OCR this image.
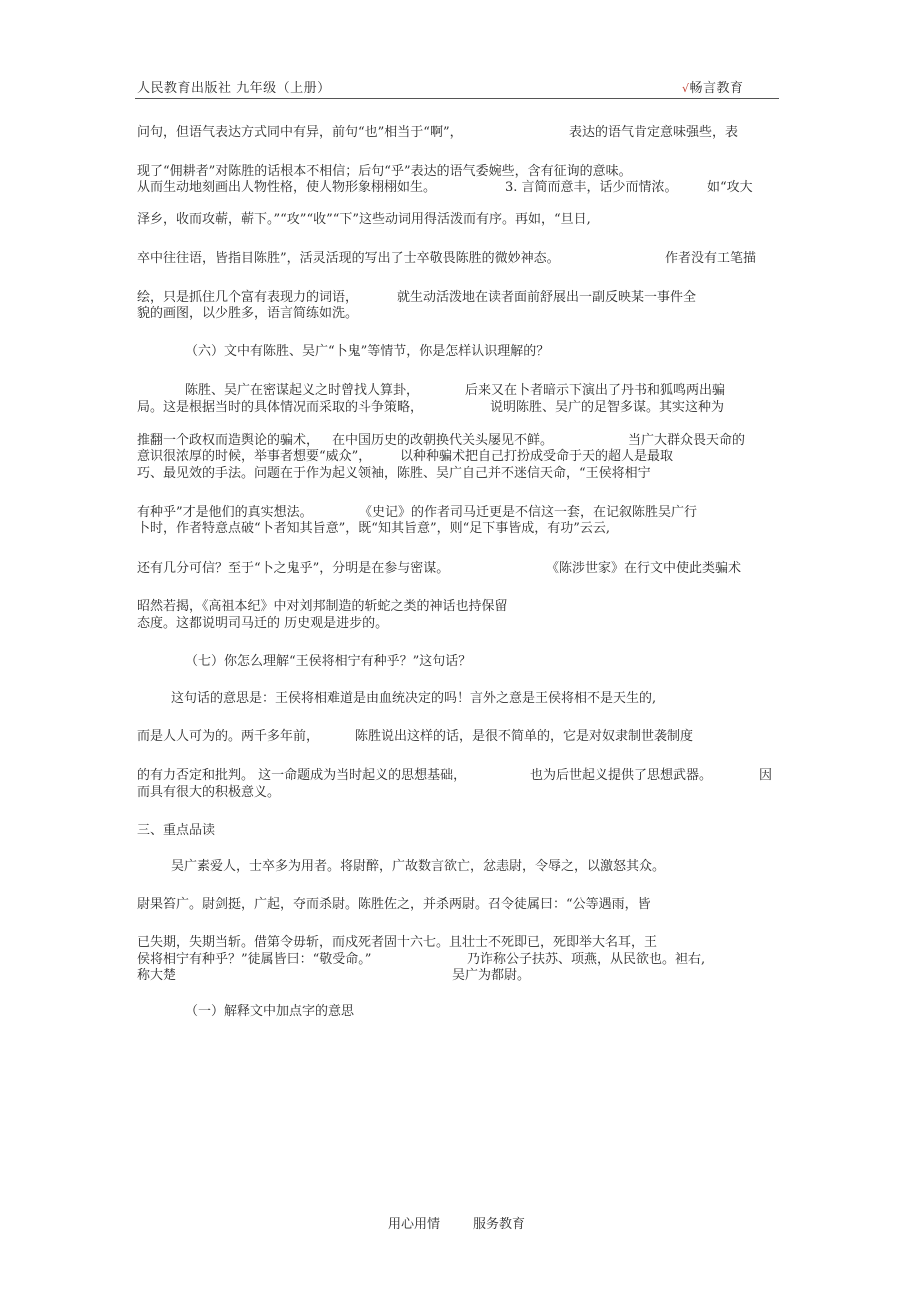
人民教育出版社 九年级（上册）	√畅言教育
问句，但语气表达方式同中有异，前句“也”相当于“啊”，	表达的语气肯定意味强些，表
现了“佣耕者”对陈胜的话根本不相信；后句“乎”表达的语气委婉些，含有征询的意味。
从而生动地刻画出人物性格，使人物形象栩栩如生。	3. 言简而意丰，话少而情浓。 如“攻大
泽乡，收而攻蕲，蕲下。”“攻”“收”“下”这些动词用得活泼而有序。再如，“旦日,
卒中往往语，皆指目陈胜”，活灵活现的写出了士卒敬畏陈胜的微妙神态。	作者没有工笔描
绘，只是抓住几个富有表现力的词语，	就生动活泼地在读者面前舒展出一副反映某一事件全
貌的画图，以少胜多，语言简练如洗。
（六）文中有陈胜、吴广“卜鬼”等情节，你是怎样认识理解的？
陈胜、吴广在密谋起义之时曾找人算卦，	后来又在卜者暗示下演出了丹书和狐鸣两出骗
局。这是根据当时的具体情况而采取的斗争策略，	说明陈胜、吴广的足智多谋。其实这种为
推翻一个政权而造舆论的骗术， 在中国历史的改朝换代关头屡见不鲜。	当广大群众畏天命的
意识很浓厚的时候，举事者想要“威众”， 以种种骗术把自己打扮成受命于天的超人是最取
巧、最见效的手法。问题在于作为起义领袖，陈胜、吴广自己并不迷信天命，“王侯将相宁
有种乎”才是他们的真实想法。	《史记》的作者司马迁更是不信这一套，在记叙陈胜吴广行
卜时，作者特意点破“卜者知其旨意”，既“知其旨意”，则“足下事皆成，有功”云云,
还有几分可信？至于“卜之鬼乎”，分明是在参与密谋。	《陈涉世家》在行文中使此类骗术
昭然若揭，《高祖本纪》中对刘邦制造的斩蛇之类的神话也持保留
态度。这都说明司马迁的 历史观是进步的。
（七）你怎么理解“王侯将相宁有种乎？”这句话？
这句话的意思是：王侯将相难道是由血统决定的吗！言外之意是王侯将相不是天生的,
而是人人可为的。两千多年前，	陈胜说出这样的话，是很不简单的，它是对奴隶制世袭制度
的有力否定和批判。 这一命题成为当时起义的思想基础，	也为后世起义提供了思想武器。	因
而具有很大的积极意义。
三、重点品读
吴广素爱人，士卒多为用者。将尉醉，广故数言欲亡，忿恚尉，令辱之，以激怒其众。
尉果笞广。尉剑挺，广起，夺而杀尉。陈胜佐之，并杀两尉。召令徒属曰：“公等遇雨，皆
已失期，失期当斩。借第令毋斩，而戍死者固十六七。且壮士不死即已，死即举大名耳，王
侯将相宁有种乎？”徒属皆曰：“敬受命。”	乃诈称公子扶苏、项燕，从民欲也。袒右,
称大楚	吴广为都尉。
（一）解释文中加点字的意思
用心用情	服务教育
